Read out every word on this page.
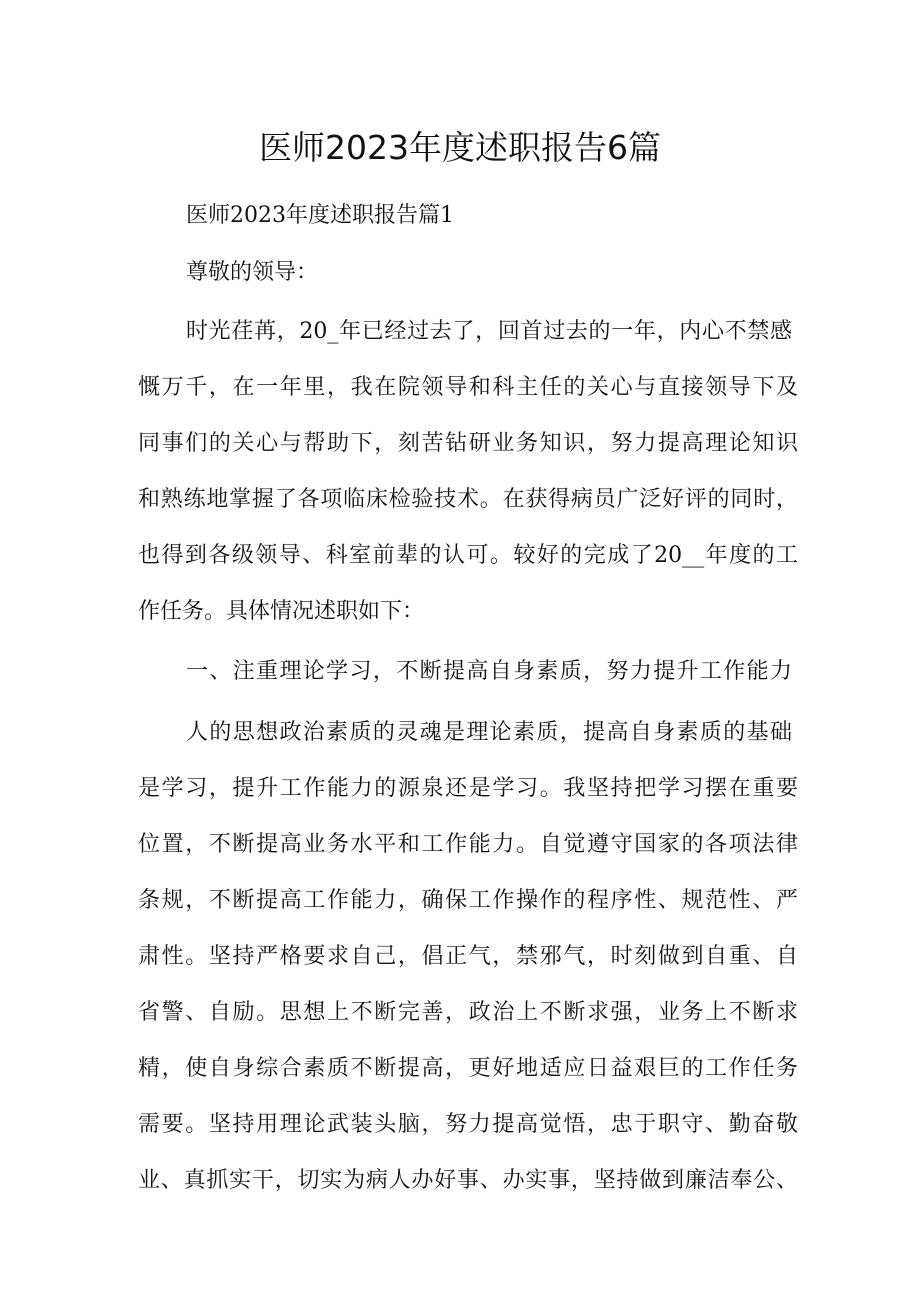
医师2023年度述职报告6篇

医师2023年度述职报告篇1

尊敬的领导：

时光荏苒，20_年已经过去了，回首过去的一年，内心不禁感

慨万千，在一年里，我在院领导和科主任的关心与直接领导下及

同事们的关心与帮助下，刻苦钻研业务知识，努力提高理论知识

和熟练地掌握了各项临床检验技术。在获得病员广泛好评的同时，

也得到各级领导、科室前辈的认可。较好的完成了20__年度的工

作任务。具体情况述职如下：

一、注重理论学习，不断提高自身素质，努力提升工作能力

人的思想政治素质的灵魂是理论素质，提高自身素质的基础

是学习，提升工作能力的源泉还是学习。我坚持把学习摆在重要

位置，不断提高业务水平和工作能力。自觉遵守国家的各项法律

条规，不断提高工作能力，确保工作操作的程序性、规范性、严

肃性。坚持严格要求自己，倡正气，禁邪气，时刻做到自重、自

省警、自励。思想上不断完善，政治上不断求强，业务上不断求

精，使自身综合素质不断提高，更好地适应日益艰巨的工作任务

需要。坚持用理论武装头脑，努力提高觉悟，忠于职守、勤奋敬

业、真抓实干，切实为病人办好事、办实事，坚持做到廉洁奉公、
